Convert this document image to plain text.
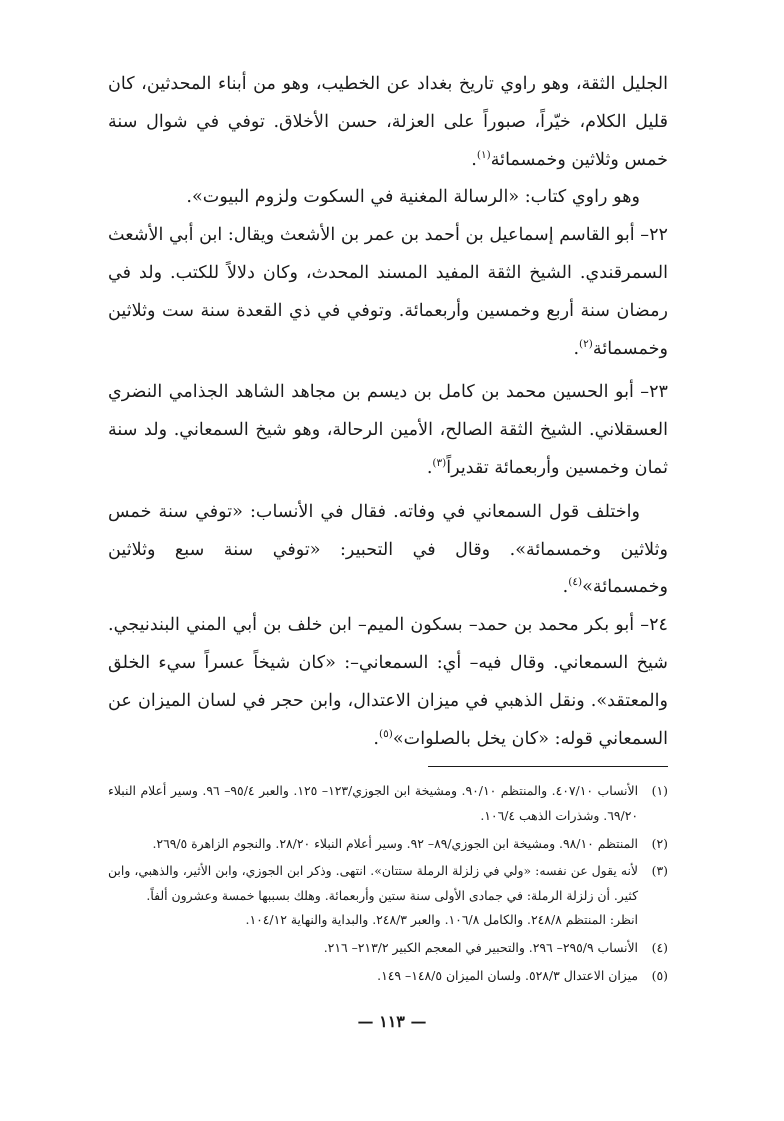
الجليل الثقة، وهو راوي تاريخ بغداد عن الخطيب، وهو من أبناء المحدثين، كان قليل الكلام، خيّراً، صبوراً على العزلة، حسن الأخلاق. توفي في شوال سنة خمس وثلاثين وخمسمائة$^{(١)}$.

وهو راوي كتاب: «الرسالة المغنية في السكوت ولزوم البيوت».

٢٢– أبو القاسم إسماعيل بن أحمد بن عمر بن الأشعث ويقال: ابن أبي الأشعث السمرقندي. الشيخ الثقة المفيد المسند المحدث، وكان دلالاً للكتب. ولد في رمضان سنة أربع وخمسين وأربعمائة. وتوفي في ذي القعدة سنة ست وثلاثين وخمسمائة$^{(٢)}$.

٢٣– أبو الحسين محمد بن كامل بن ديسم بن مجاهد الشاهد الجذامي النضري العسقلاني. الشيخ الثقة الصالح، الأمين الرحالة، وهو شيخ السمعاني. ولد سنة ثمان وخمسين وأربعمائة تقديراً$^{(٣)}$.

واختلف قول السمعاني في وفاته. فقال في الأنساب: «توفي سنة خمس وثلاثين وخمسمائة». وقال في التحبير: «توفي سنة سبع وثلاثين وخمسمائة»$^{(٤)}$.

٢٤– أبو بكر محمد بن حمد– بسكون الميم– ابن خلف بن أبي المني البندنيجي. شيخ السمعاني. وقال فيه– أي: السمعاني–: «كان شيخاً عسراً سيء الخلق والمعتقد». ونقل الذهبي في ميزان الاعتدال، وابن حجر في لسان الميزان عن السمعاني قوله: «كان يخل بالصلوات»$^{(٥)}$.

(١)
الأنساب ٤٠٧/١٠. والمنتظم ٩٠/١٠. ومشيخة ابن الجوزي/١٢٣– ١٢٥. والعبر ٩٥/٤– ٩٦. وسير أعلام النبلاء ٦٩/٢٠. وشذرات الذهب ١٠٦/٤.
(٢)
المنتظم ٩٨/١٠. ومشيخة ابن الجوزي/٨٩– ٩٢. وسير أعلام النبلاء ٢٨/٢٠. والنجوم الزاهرة ٢٦٩/٥.
(٣)
لأنه يقول عن نفسه: «ولي في زلزلة الرملة ستتان». انتهى. وذكر ابن الجوزي، وابن الأثير، والذهبي، وابن كثير. أن زلزلة الرملة: في جمادى الأولى سنة ستين وأربعمائة. وهلك بسببها خمسة وعشرون ألفاً.
انظر: المنتظم ٢٤٨/٨. والكامل ١٠٦/٨. والعبر ٢٤٨/٣. والبداية والنهاية ١٠٤/١٢.
(٤)
الأنساب ٢٩٥/٩– ٢٩٦. والتحبير في المعجم الكبير ٢١٣/٢– ٢١٦.
(٥)
ميزان الاعتدال ٥٢٨/٣. ولسان الميزان ١٤٨/٥– ١٤٩.
— ١١٣ —
